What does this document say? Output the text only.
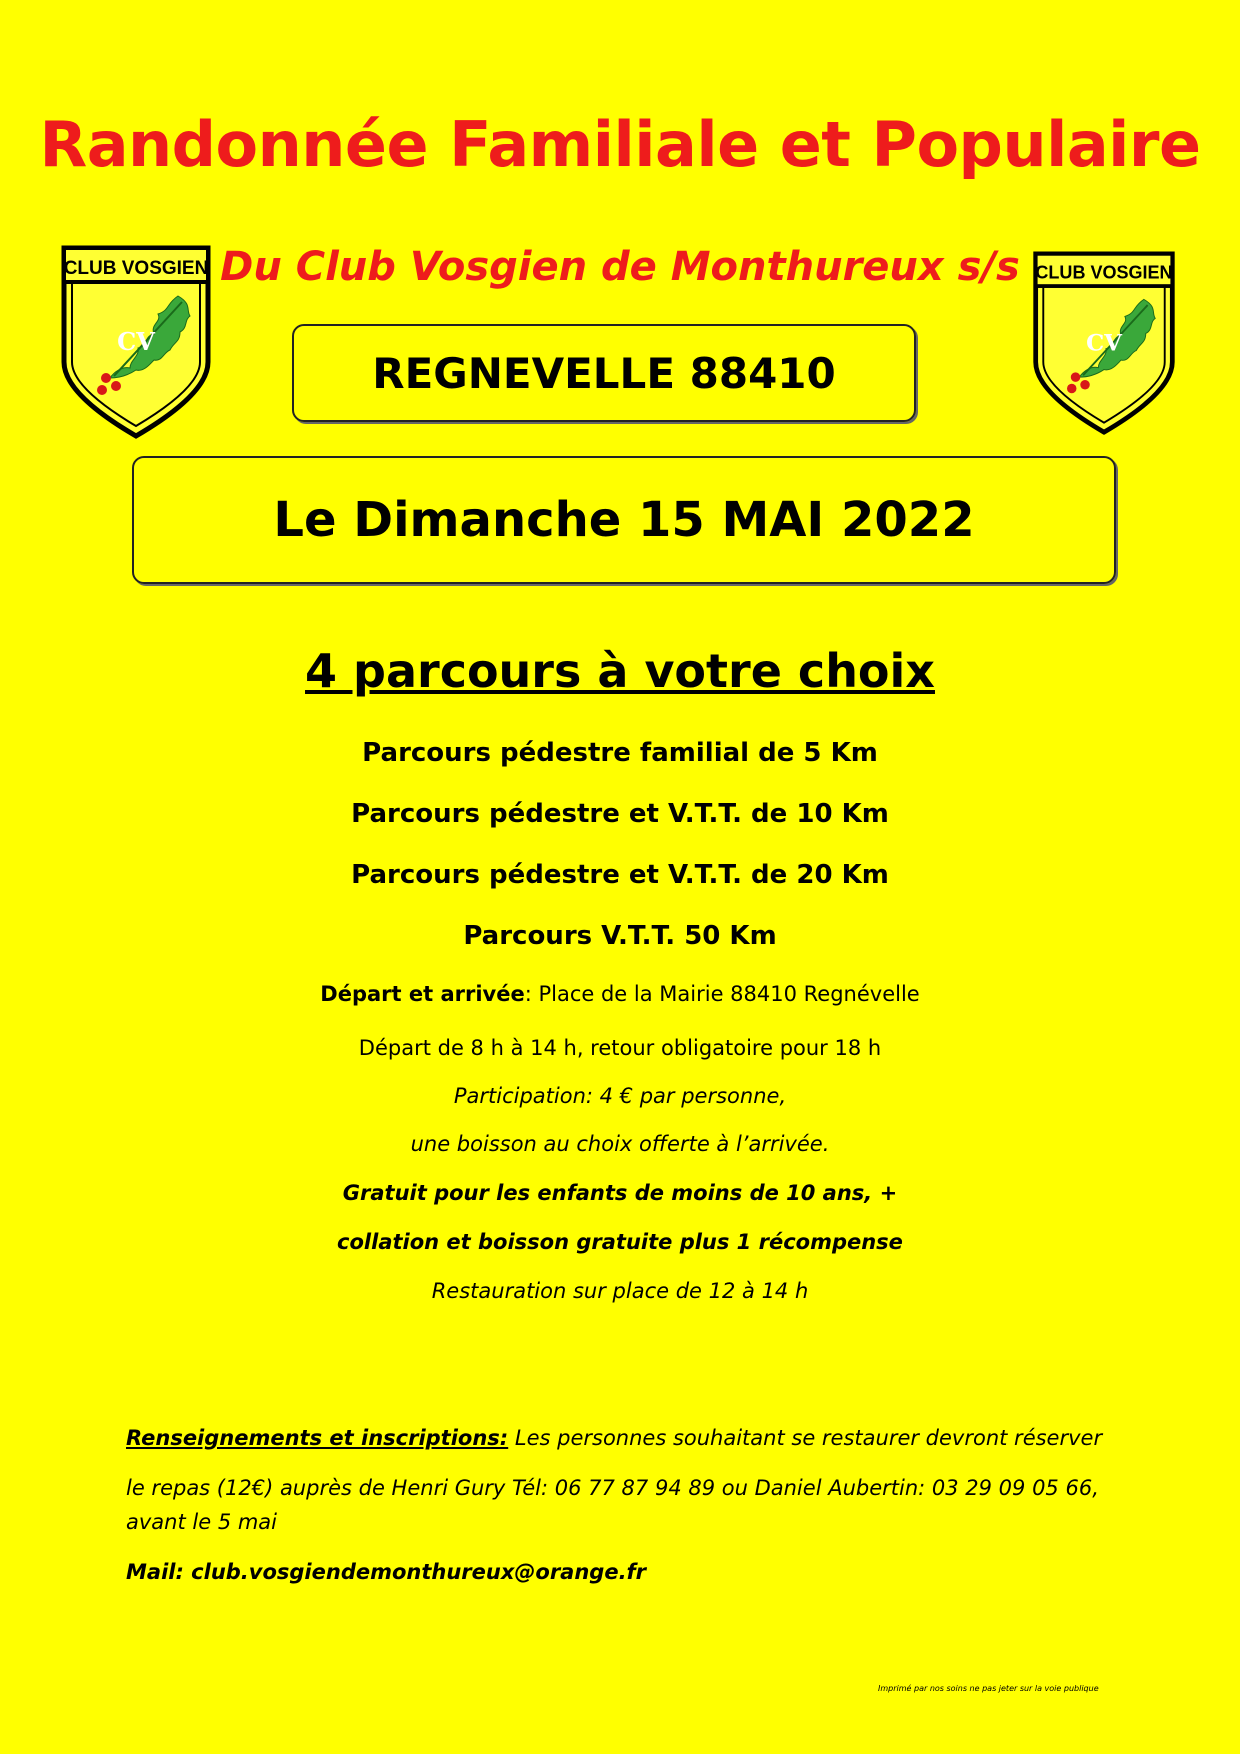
Randonnée Familiale et Populaire
CLUB VOSGIEN
CV
CLUB VOSGIEN
CV
Du Club Vosgien de Monthureux s/s
REGNEVELLE 88410
Le Dimanche 15 MAI 2022
4 parcours à votre choix
Parcours pédestre familial de 5 Km
Parcours pédestre et V.T.T. de 10 Km
Parcours pédestre et V.T.T. de 20 Km
Parcours V.T.T. 50 Km
Départ et arrivée: Place de la Mairie 88410 Regnévelle
Départ de 8 h à 14 h, retour obligatoire pour 18 h
Participation: 4 € par personne,
une boisson au choix offerte à l’arrivée.
Gratuit pour les enfants de moins de 10 ans, +
collation et boisson gratuite plus 1 récompense
Restauration sur place de 12 à 14 h
Renseignements et inscriptions: Les personnes souhaitant se restaurer devront réserver
le repas (12€) auprès de Henri Gury Tél: 06 77 87 94 89 ou Daniel Aubertin: 03 29 09 05 66,
avant le 5 mai
Mail: club.vosgiendemonthureux@orange.fr
Imprimé par nos soins ne pas jeter sur la voie publique
